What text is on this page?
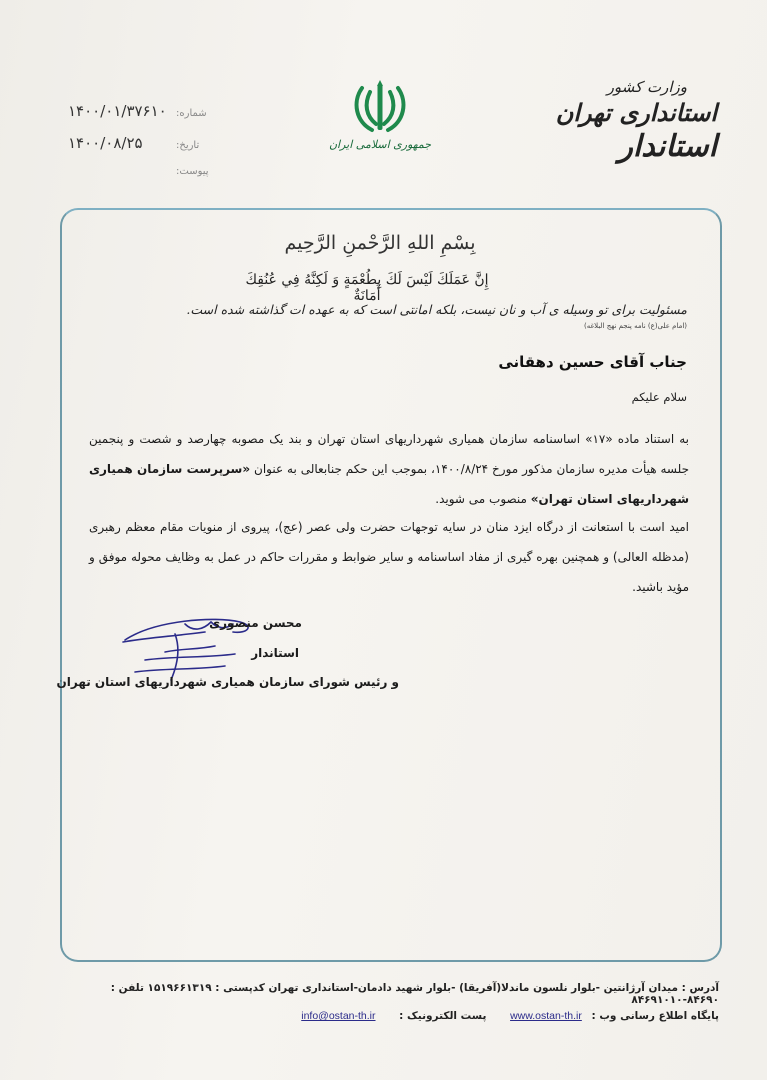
وزارت کشور
استانداری تهران
استاندار
جمهوری اسلامی ایران
۱۴۰۰/۰۱/۳۷۶۱۰ شماره:
۱۴۰۰/۰۸/۲۵	تاریخ:
پیوست:
بِسْمِ اللهِ الرَّحْمنِ الرَّحِیم
إِنَّ عَمَلَكَ لَيْسَ لَكَ بِطُعْمَةٍ وَ لَكِنَّهُ فِي عُنُقِكَ أَمَانَةٌ
مسئولیت برای تو وسیله ی آب و نان نیست، بلکه امانتی است که به عهده ات گذاشته شده است.
(امام علی(ع) نامه پنجم نهج البلاغه)
جناب آقای حسین دهقانی
سلام علیکم
به استناد ماده «۱۷» اساسنامه سازمان همیاری شهرداریهای استان تهران و بند یک مصوبه چهارصد و شصت و پنجمین جلسه هیأت مدیره سازمان مذکور مورخ ۱۴۰۰/۸/۲۴، بموجب این حکم جنابعالی به عنوان «سرپرست سازمان همیاری شهرداریهای استان تهران» منصوب می شوید.
امید است با استعانت از درگاه ایزد منان در سایه توجهات حضرت ولی عصر (عج)، پیروی از منویات مقام معظم رهبری (مدظله العالی) و همچنین بهره گیری از مفاد اساسنامه و سایر ضوابط و مقررات حاکم در عمل به وظایف محوله موفق و مؤید باشید.
محسن منصوری
استاندار
و رئیس شورای سازمان همیاری شهرداریهای استان تهران
آدرس : میدان آرژانتین -بلوار نلسون ماندلا(آفریقا) -بلوار شهید دادمان-استانداری تهران کدپستی : ۱۵۱۹۶۶۱۳۱۹ تلفن : ۸۴۶۹۰-۸۴۶۹۱۰۱۰
پایگاه اطلاع رسانی وب : www.ostan-th.ir پست الکترونیک : info@ostan-th.ir
